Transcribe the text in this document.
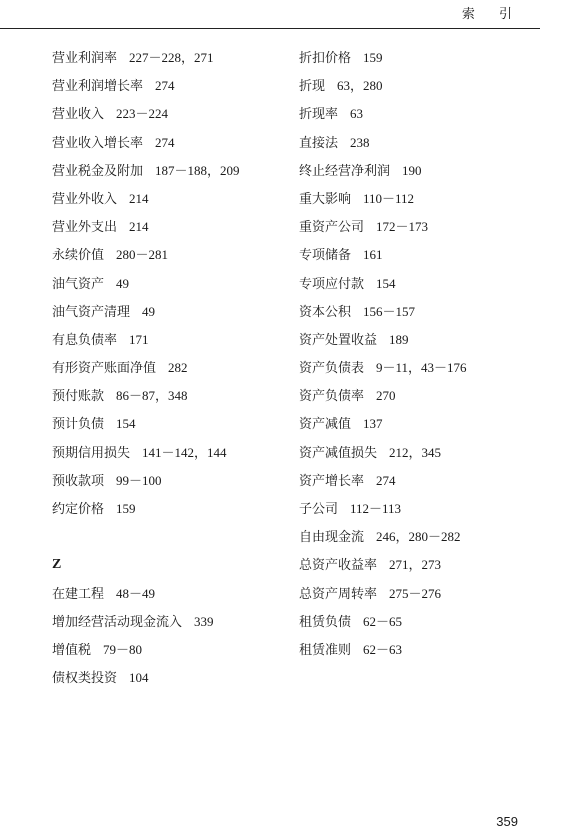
索 引
营业利润率 227－228，271
营业利润增长率 274
营业收入 223－224
营业收入增长率 274
营业税金及附加 187－188，209
营业外收入 214
营业外支出 214
永续价值 280－281
油气资产 49
油气资产清理 49
有息负债率 171
有形资产账面净值 282
预付账款 86－87，348
预计负债 154
预期信用损失 141－142，144
预收款项 99－100
约定价格 159
Z
在建工程 48－49
增加经营活动现金流入 339
增值税 79－80
债权类投资 104
折扣价格 159
折现 63，280
折现率 63
直接法 238
终止经营净利润 190
重大影响 110－112
重资产公司 172－173
专项储备 161
专项应付款 154
资本公积 156－157
资产处置收益 189
资产负债表 9－11，43－176
资产负债率 270
资产减值 137
资产减值损失 212，345
资产增长率 274
子公司 112－113
自由现金流 246，280－282
总资产收益率 271，273
总资产周转率 275－276
租赁负债 62－65
租赁准则 62－63
359
